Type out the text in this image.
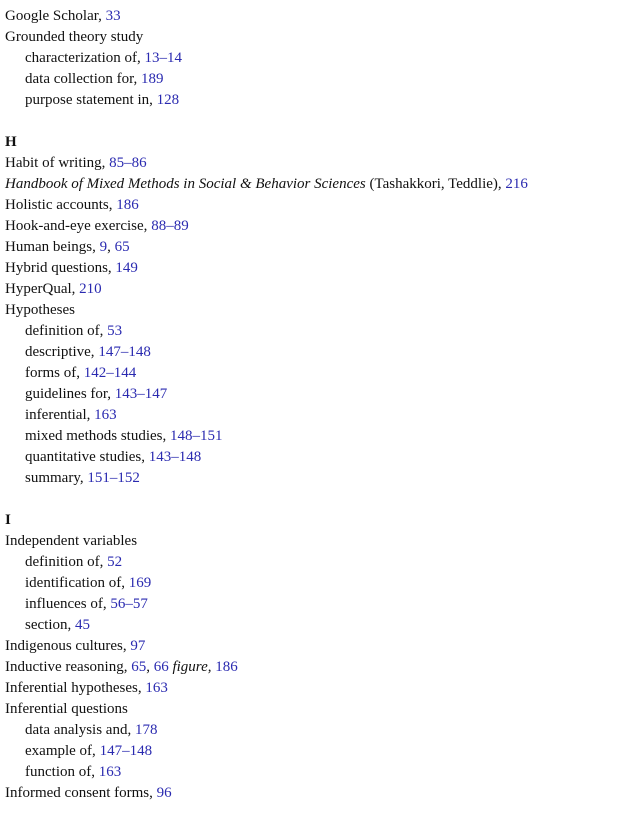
Google Scholar, 33
Grounded theory study
characterization of, 13–14
data collection for, 189
purpose statement in, 128
H
Habit of writing, 85–86
Handbook of Mixed Methods in Social & Behavior Sciences (Tashakkori, Teddlie), 216
Holistic accounts, 186
Hook-and-eye exercise, 88–89
Human beings, 9, 65
Hybrid questions, 149
HyperQual, 210
Hypotheses
definition of, 53
descriptive, 147–148
forms of, 142–144
guidelines for, 143–147
inferential, 163
mixed methods studies, 148–151
quantitative studies, 143–148
summary, 151–152
I
Independent variables
definition of, 52
identification of, 169
influences of, 56–57
section, 45
Indigenous cultures, 97
Inductive reasoning, 65, 66 figure, 186
Inferential hypotheses, 163
Inferential questions
data analysis and, 178
example of, 147–148
function of, 163
Informed consent forms, 96
